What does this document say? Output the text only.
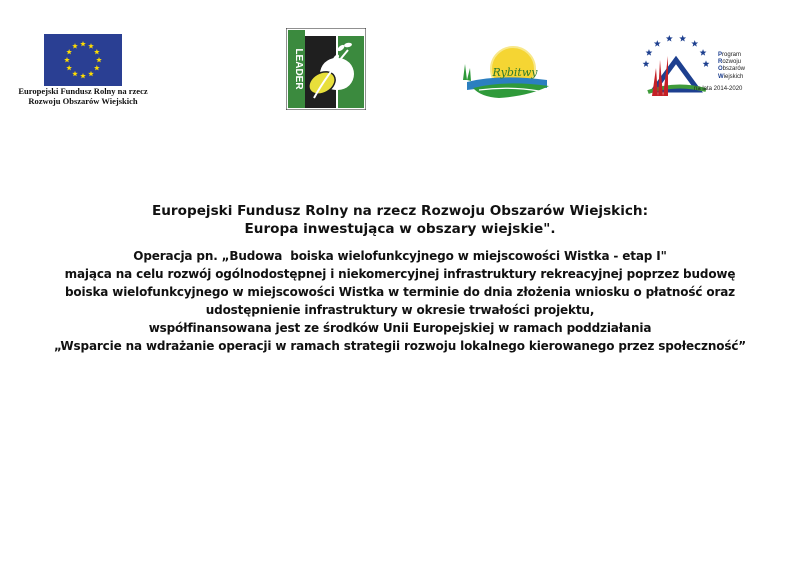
Europejski Fundusz Rolny na rzecz
Rozwoju Obszarów Wiejskich
LEADER	Rybitwy
Program
Rozwoju
Obszarów
Wiejskich
na lata 2014-2020
Europejski Fundusz Rolny na rzecz Rozwoju Obszarów Wiejskich:
Europa inwestująca w obszary wiejskie".
Operacja pn. „Budowa  boiska wielofunkcyjnego w miejscowości Wistka - etap I"
mająca na celu rozwój ogólnodostępnej i niekomercyjnej infrastruktury rekreacyjnej poprzez budowę
boiska wielofunkcyjnego w miejscowości Wistka w terminie do dnia złożenia wniosku o płatność oraz
udostępnienie infrastruktury w okresie trwałości projektu,
współfinansowana jest ze środków Unii Europejskiej w ramach poddziałania
„Wsparcie na wdrażanie operacji w ramach strategii rozwoju lokalnego kierowanego przez społeczność”
